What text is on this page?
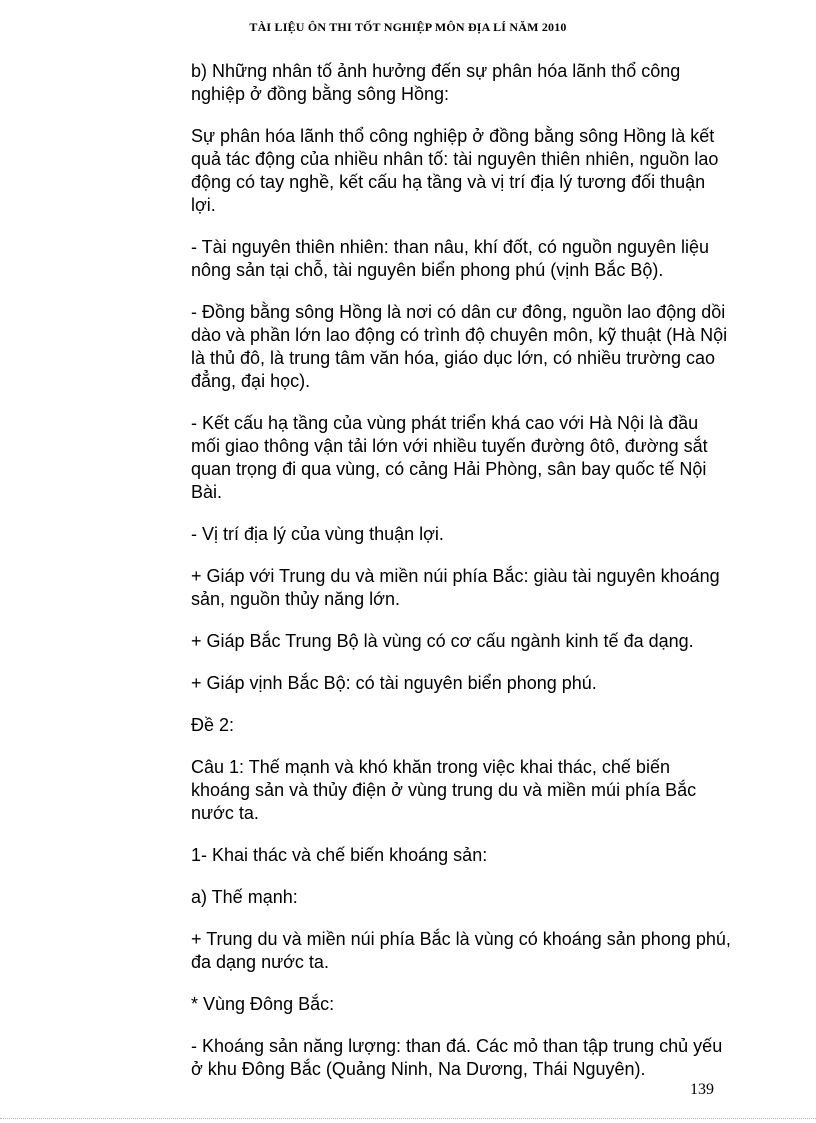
TÀI LIỆU ÔN THI TỐT NGHIỆP MÔN ĐỊA LÍ NĂM 2010

b) Những nhân tố ảnh hưởng đến sự phân hóa lãnh thổ công nghiệp ở đồng bằng sông Hồng:

Sự phân hóa lãnh thổ công nghiệp ở đồng bằng sông Hồng là kết quả tác động của nhiều nhân tố: tài nguyên thiên nhiên, nguồn lao động có tay nghề, kết cấu hạ tầng và vị trí địa lý tương đối thuận lợi.

- Tài nguyên thiên nhiên: than nâu, khí đốt, có nguồn nguyên liệu nông sản tại chỗ, tài nguyên biển phong phú (vịnh Bắc Bộ).

- Đồng bằng sông Hồng là nơi có dân cư đông, nguồn lao động dồi dào và phần lớn lao động có trình độ chuyên môn, kỹ thuật (Hà Nội là thủ đô, là trung tâm văn hóa, giáo dục lớn, có nhiều trường cao đẳng, đại học).

- Kết cấu hạ tầng của vùng phát triển khá cao với Hà Nội là đầu mối giao thông vận tải lớn với nhiều tuyến đường ôtô, đường sắt quan trọng đi qua vùng, có cảng Hải Phòng, sân bay quốc tế Nội Bài.

- Vị trí địa lý của vùng thuận lợi.

+ Giáp với Trung du và miền núi phía Bắc: giàu tài nguyên khoáng sản, nguồn thủy năng lớn.

+ Giáp Bắc Trung Bộ là vùng có cơ cấu ngành kinh tế đa dạng.

+ Giáp vịnh Bắc Bộ: có tài nguyên biển phong phú.

Đề 2:

Câu 1: Thế mạnh và khó khăn trong việc khai thác, chế biến khoáng sản và thủy điện ở vùng trung du và miền múi phía Bắc nước ta.

1- Khai thác và chế biến khoáng sản:

a) Thế mạnh:

+ Trung du và miền núi phía Bắc là vùng có khoáng sản phong phú, đa dạng nước ta.

* Vùng Đông Bắc:

- Khoáng sản năng lượng: than đá. Các mỏ than tập trung chủ yếu ở khu Đông Bắc (Quảng Ninh, Na Dương, Thái Nguyên).

139
